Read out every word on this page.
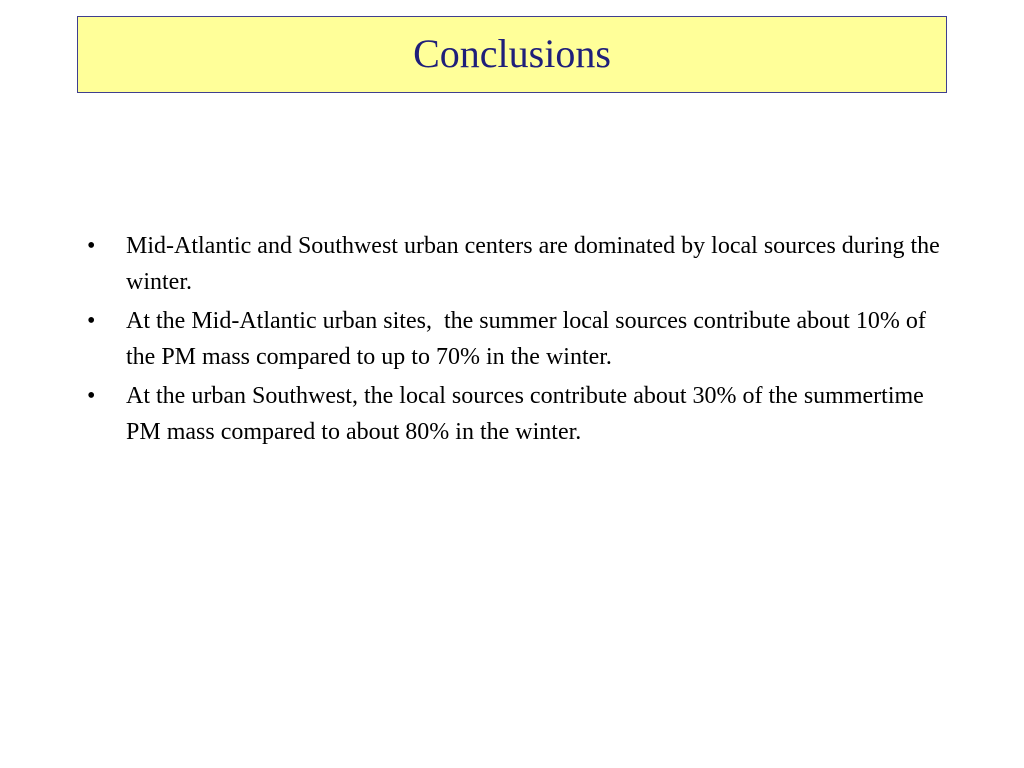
Conclusions
•	Mid-Atlantic and Southwest urban centers are dominated by local sources during the winter.
•	At the Mid-Atlantic urban sites,  the summer local sources contribute about 10% of the PM mass compared to up to 70% in the winter.
•	At the urban Southwest, the local sources contribute about 30% of the summertime PM mass compared to about 80% in the winter.
